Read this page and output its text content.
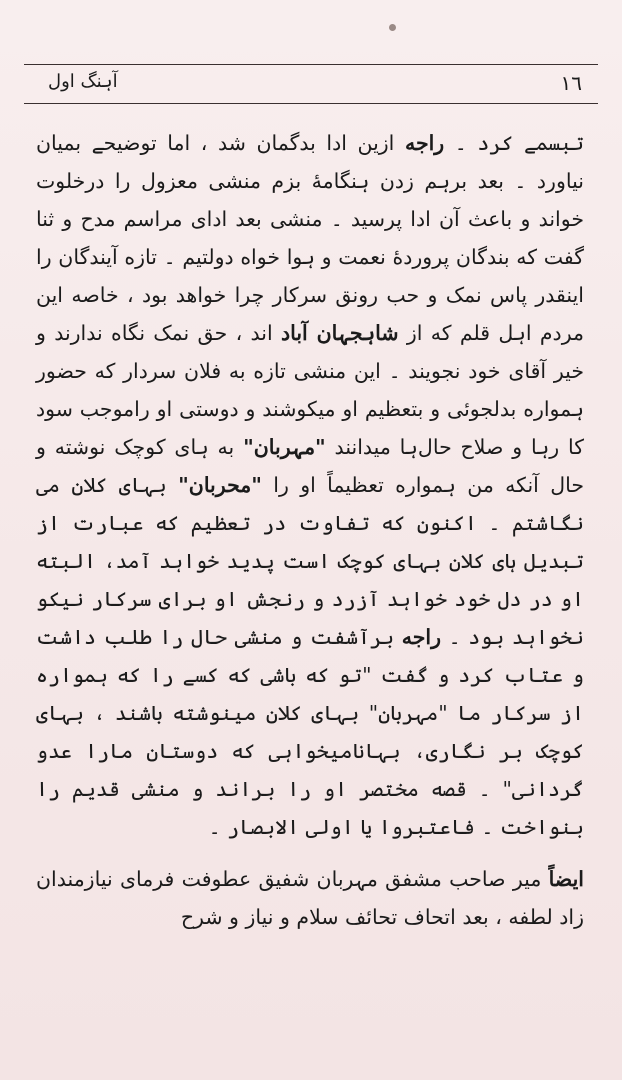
۱٦
آہنگ اول

تبسمے کرد ۔ راجه ازین ادا بدگمان شد ، اما توضیحے بمیان نیاورد ۔ بعد برہم زدن ہنگامهٔ بزم منشی معزول را درخلوت خواند و باعث آن ادا پرسید ۔ منشی بعد ادای مراسم مدح و ثنا گفت که بندگان پروردهٔ نعمت و ہوا خواه دولتیم ۔ تازه آیندگان را اینقدر پاس نمک و حب رونق سرکار چرا خواهد بود ، خاصه این مردم اہل قلم که از شاہجہان آباد اند ، حق نمک نگاه ندارند و خیر آقای خود نجویند ۔ این منشی تازه به فلان سردار که حضور ہمواره بدلجوئی و بتعظیم او میکوشند و دوستی او راموجب سود کا رہا و صلاح حال‌ہا میدانند "مہربان" به ہای کوچک نوشته و حال آنکه من ہمواره تعظیماً او را "محربان" بہای کلان می نگاشتم ۔ اکنون که تفاوت در تعظیم که عبارت از تبدیل ہای کلان بہای کوچک است پدید خواہد آمد، البته او در دل خود خواہد آزرد و رنجش او برای سرکار نیکو نخواہد بود ۔ راجه برآشفت و منشی حال را طلب داشت و عتاب کرد و گفت "تو که باشی که کسے را که ہمواره از سرکار ما "مہربان" بہای کلان مینوشته باشند ، بہای کوچک بر نگاری، بہانامیخواہی که دوستان مارا عدو گردانی" ۔ قصه مختصر او را براند و منشی قدیم را بنواخت ۔ فاعتبروا یا اولی الابصار ۔

ایضاً میر صاحب مشفق مہربان شفیق عطوفت فرمای نیازمندان زاد لطفه ، بعد اتحاف تحائف سلام و نیاز و شرح
